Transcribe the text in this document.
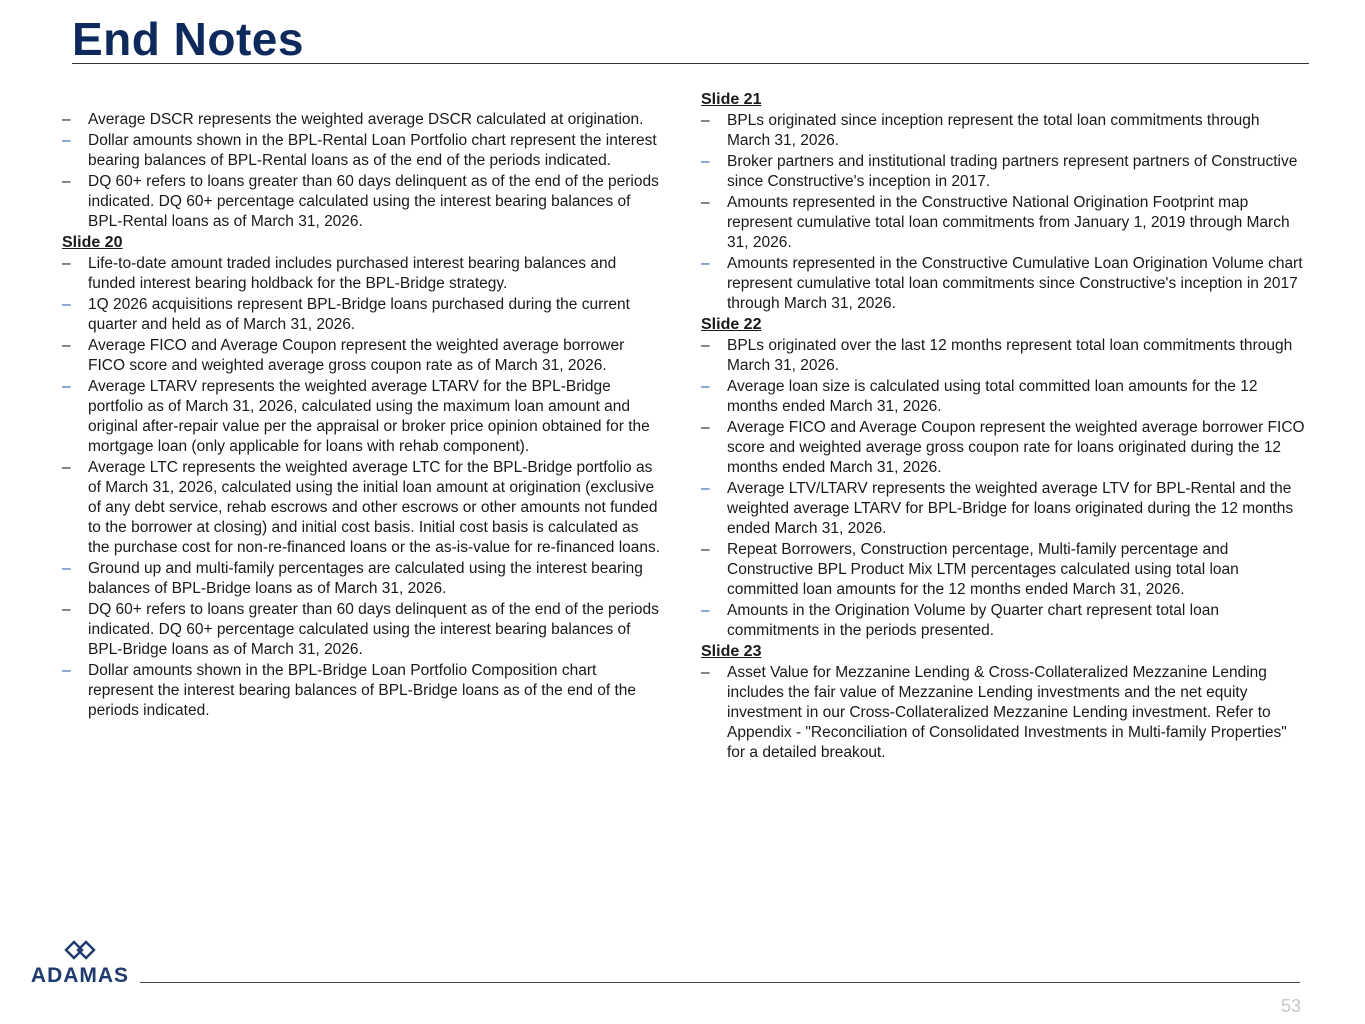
End Notes
–	Average DSCR represents the weighted average DSCR calculated at origination.
–	Dollar amounts shown in the BPL-Rental Loan Portfolio chart represent the interest bearing balances of BPL-Rental loans as of the end of the periods indicated.
–	DQ 60+ refers to loans greater than 60 days delinquent as of the end of the periods indicated. DQ 60+ percentage calculated using the interest bearing balances of BPL-Rental loans as of March 31, 2026.
Slide 20
–	Life-to-date amount traded includes purchased interest bearing balances and funded interest bearing holdback for the BPL-Bridge strategy.
–	1Q 2026 acquisitions represent BPL-Bridge loans purchased during the current quarter and held as of March 31, 2026.
–	Average FICO and Average Coupon represent the weighted average borrower FICO score and weighted average gross coupon rate as of March 31, 2026.
–	Average LTARV represents the weighted average LTARV for the BPL-Bridge portfolio as of March 31, 2026, calculated using the maximum loan amount and original after-repair value per the appraisal or broker price opinion obtained for the mortgage loan (only applicable for loans with rehab component).
–	Average LTC represents the weighted average LTC for the BPL-Bridge portfolio as of March 31, 2026, calculated using the initial loan amount at origination (exclusive of any debt service, rehab escrows and other escrows or other amounts not funded to the borrower at closing) and initial cost basis. Initial cost basis is calculated as the purchase cost for non-re-financed loans or the as-is-value for re-financed loans.
–	Ground up and multi-family percentages are calculated using the interest bearing balances of BPL-Bridge loans as of March 31, 2026.
–	DQ 60+ refers to loans greater than 60 days delinquent as of the end of the periods indicated. DQ 60+ percentage calculated using the interest bearing balances of BPL-Bridge loans as of March 31, 2026.
–	Dollar amounts shown in the BPL-Bridge Loan Portfolio Composition chart represent the interest bearing balances of BPL-Bridge loans as of the end of the periods indicated.
Slide 21
–	BPLs originated since inception represent the total loan commitments through March 31, 2026.
–	Broker partners and institutional trading partners represent partners of Constructive since Constructive's inception in 2017.
–	Amounts represented in the Constructive National Origination Footprint map represent cumulative total loan commitments from January 1, 2019 through March 31, 2026.
–	Amounts represented in the Constructive Cumulative Loan Origination Volume chart represent cumulative total loan commitments since Constructive's inception in 2017 through March 31, 2026.
Slide 22
–	BPLs originated over the last 12 months represent total loan commitments through March 31, 2026.
–	Average loan size is calculated using total committed loan amounts for the 12 months ended March 31, 2026.
–	Average FICO and Average Coupon represent the weighted average borrower FICO score and weighted average gross coupon rate for loans originated during the 12 months ended March 31, 2026.
–	Average LTV/LTARV represents the weighted average LTV for BPL-Rental and the weighted average LTARV for BPL-Bridge for loans originated during the 12 months ended March 31, 2026.
–	Repeat Borrowers, Construction percentage, Multi-family percentage and Constructive BPL Product Mix LTM percentages calculated using total loan committed loan amounts for the 12 months ended March 31, 2026.
–	Amounts in the Origination Volume by Quarter chart represent total loan commitments in the periods presented.
Slide 23
–	Asset Value for Mezzanine Lending & Cross-Collateralized Mezzanine Lending includes the fair value of Mezzanine Lending investments and the net equity investment in our Cross-Collateralized Mezzanine Lending investment. Refer to Appendix - "Reconciliation of Consolidated Investments in Multi-family Properties" for a detailed breakout.
ADAMAS
53
